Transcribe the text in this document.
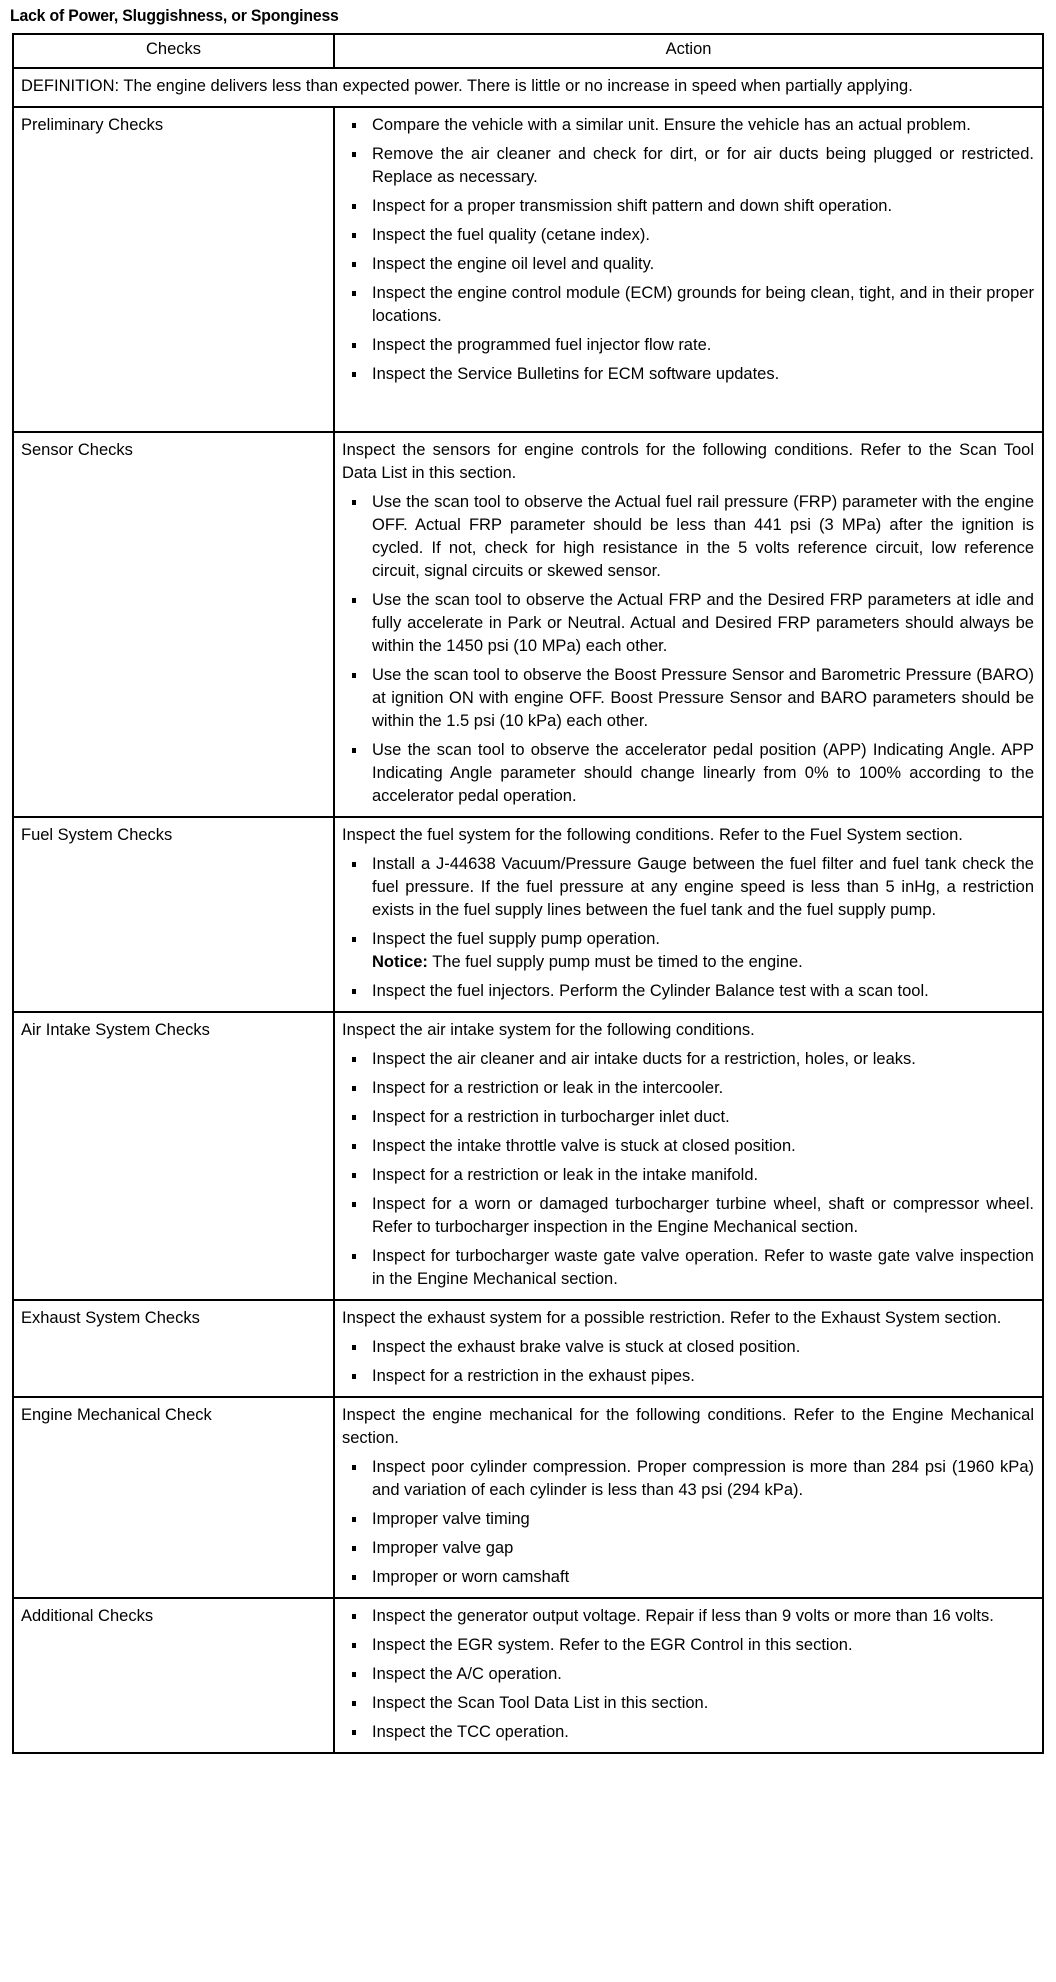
Lack of Power, Sluggishness, or Sponginess
Checks	Action
DEFINITION: The engine delivers less than expected power. There is little or no increase in speed when partially applying.	
Preliminary Checks	Compare the vehicle with a similar unit. Ensure the vehicle has an actual problem.
Remove the air cleaner and check for dirt, or for air ducts being plugged or restricted. Replace as necessary.
Inspect for a proper transmission shift pattern and down shift operation.
Inspect the fuel quality (cetane index).
Inspect the engine oil level and quality.
Inspect the engine control module (ECM) grounds for being clean, tight, and in their proper locations.
Inspect the programmed fuel injector flow rate.
Inspect the Service Bulletins for ECM software updates.

Sensor Checks	Inspect the sensors for engine controls for the following conditions. Refer to the Scan Tool Data List in this section.

Use the scan tool to observe the Actual fuel rail pressure (FRP) parameter with the engine OFF. Actual FRP parameter should be less than 441 psi (3 MPa) after the ignition is cycled. If not, check for high resistance in the 5 volts reference circuit, low reference circuit, signal circuits or skewed sensor.
Use the scan tool to observe the Actual FRP and the Desired FRP parameters at idle and fully accelerate in Park or Neutral. Actual and Desired FRP parameters should always be within the 1450 psi (10 MPa) each other.
Use the scan tool to observe the Boost Pressure Sensor and Barometric Pressure (BARO) at ignition ON with engine OFF. Boost Pressure Sensor and BARO parameters should be within the 1.5 psi (10 kPa) each other.
Use the scan tool to observe the accelerator pedal position (APP) Indicating Angle. APP Indicating Angle parameter should change linearly from 0% to 100% according to the accelerator pedal operation.

Fuel System Checks	Inspect the fuel system for the following conditions. Refer to the Fuel System section.

Install a J-44638 Vacuum/Pressure Gauge between the fuel filter and fuel tank check the fuel pressure. If the fuel pressure at any engine speed is less than 5 inHg, a restriction exists in the fuel supply lines between the fuel tank and the fuel supply pump.
Inspect the fuel supply pump operation.
Notice: The fuel supply pump must be timed to the engine.
Inspect the fuel injectors. Perform the Cylinder Balance test with a scan tool.

Air Intake System Checks	Inspect the air intake system for the following conditions.

Inspect the air cleaner and air intake ducts for a restriction, holes, or leaks.
Inspect for a restriction or leak in the intercooler.
Inspect for a restriction in turbocharger inlet duct.
Inspect the intake throttle valve is stuck at closed position.
Inspect for a restriction or leak in the intake manifold.
Inspect for a worn or damaged turbocharger turbine wheel, shaft or compressor wheel. Refer to turbocharger inspection in the Engine Mechanical section.
Inspect for turbocharger waste gate valve operation. Refer to waste gate valve inspection in the Engine Mechanical section.

Exhaust System Checks	Inspect the exhaust system for a possible restriction. Refer to the Exhaust System section.

Inspect the exhaust brake valve is stuck at closed position.
Inspect for a restriction in the exhaust pipes.

Engine Mechanical Check	Inspect the engine mechanical for the following conditions. Refer to the Engine Mechanical section.

Inspect poor cylinder compression. Proper compression is more than 284 psi (1960 kPa) and variation of each cylinder is less than 43 psi (294 kPa).
Improper valve timing
Improper valve gap
Improper or worn camshaft

Additional Checks	Inspect the generator output voltage. Repair if less than 9 volts or more than 16 volts.
Inspect the EGR system. Refer to the EGR Control in this section.
Inspect the A/C operation.
Inspect the Scan Tool Data List in this section.
Inspect the TCC operation.
